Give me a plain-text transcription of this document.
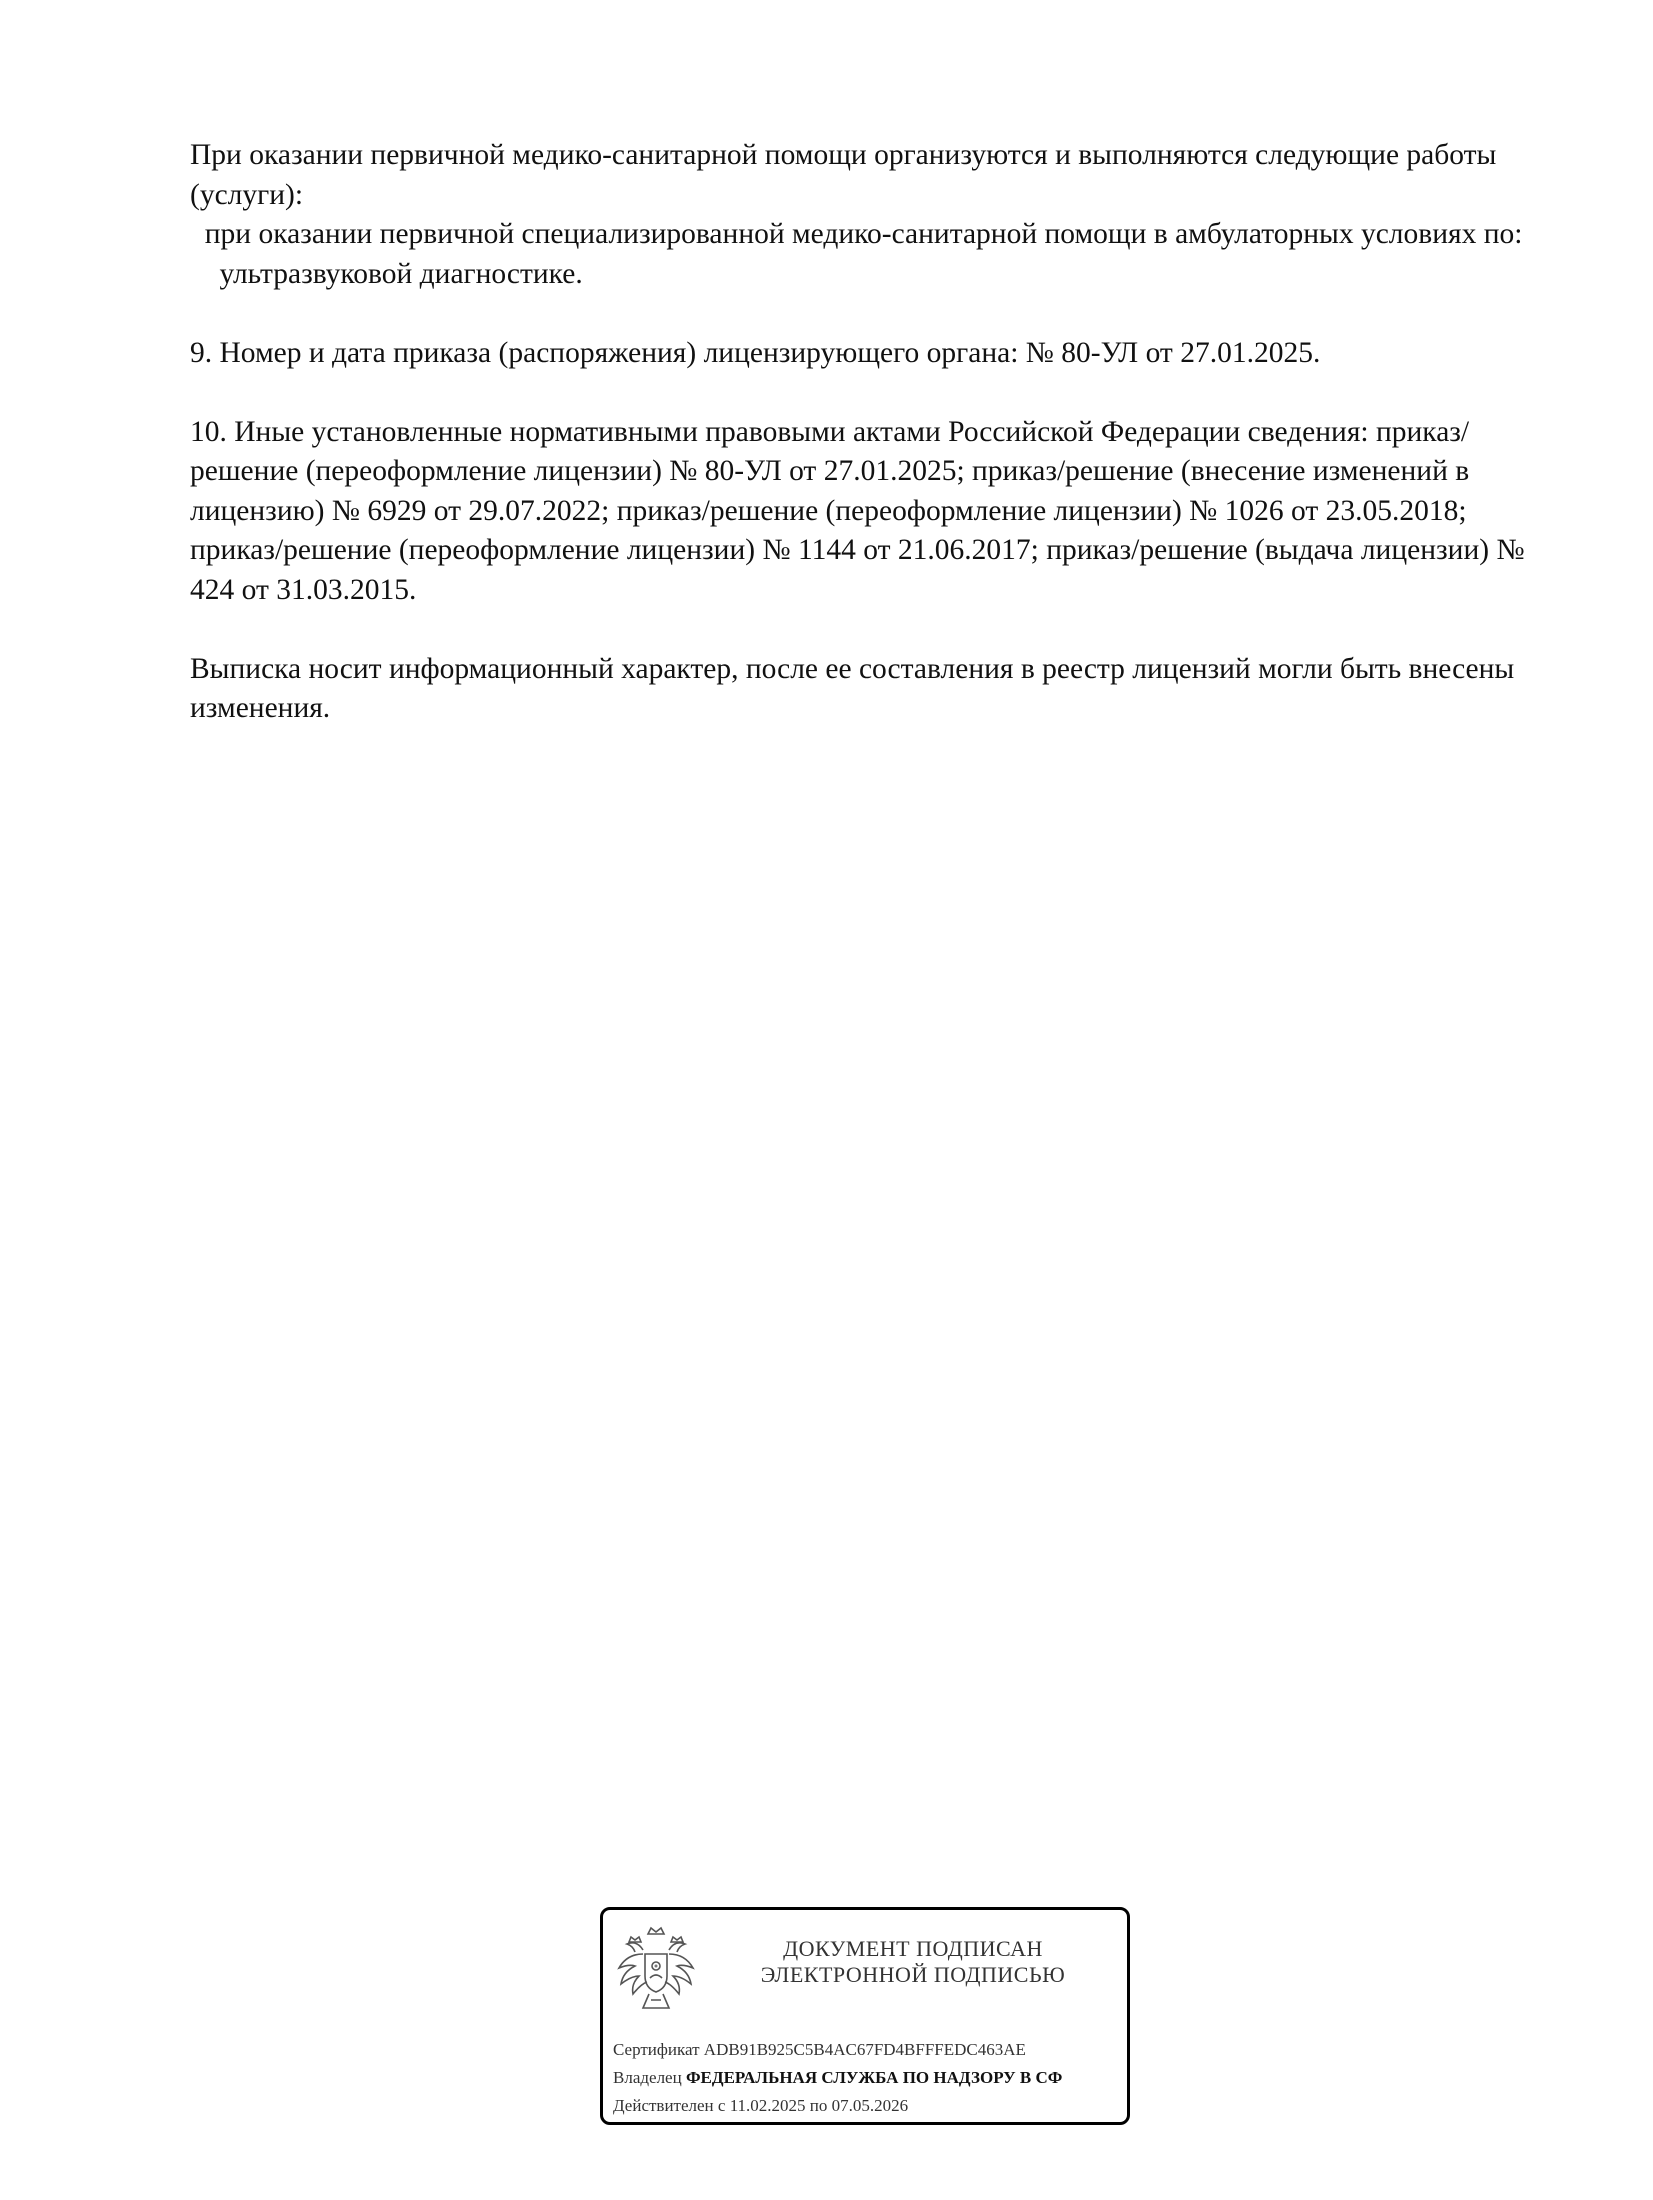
При оказании первичной медико-санитарной помощи организуются и выполняются следующие работы (услуги):

при оказании первичной специализированной медико-санитарной помощи в амбулаторных условиях по:

ультразвуковой диагностике.

9. Номер и дата приказа (распоряжения) лицензирующего органа: № 80-УЛ от 27.01.2025.

10. Иные установленные нормативными правовыми актами Российской Федерации сведения: приказ/решение (переоформление лицензии) № 80-УЛ от 27.01.2025; приказ/решение (внесение изменений в лицензию) № 6929 от 29.07.2022; приказ/решение (переоформление лицензии) № 1026 от 23.05.2018; приказ/решение (переоформление лицензии) № 1144 от 21.06.2017; приказ/решение (выдача лицензии) № 424 от 31.03.2015.

Выписка носит информационный характер, после ее составления в реестр лицензий могли быть внесены изменения.

ДОКУМЕНТ ПОДПИСАН
ЭЛЕКТРОННОЙ ПОДПИСЬЮ
Сертификат ADB91B925C5B4AC67FD4BFFFEDC463AE
Владелец ФЕДЕРАЛЬНАЯ СЛУЖБА ПО НАДЗОРУ В СФ
Действителен с 11.02.2025 по 07.05.2026
